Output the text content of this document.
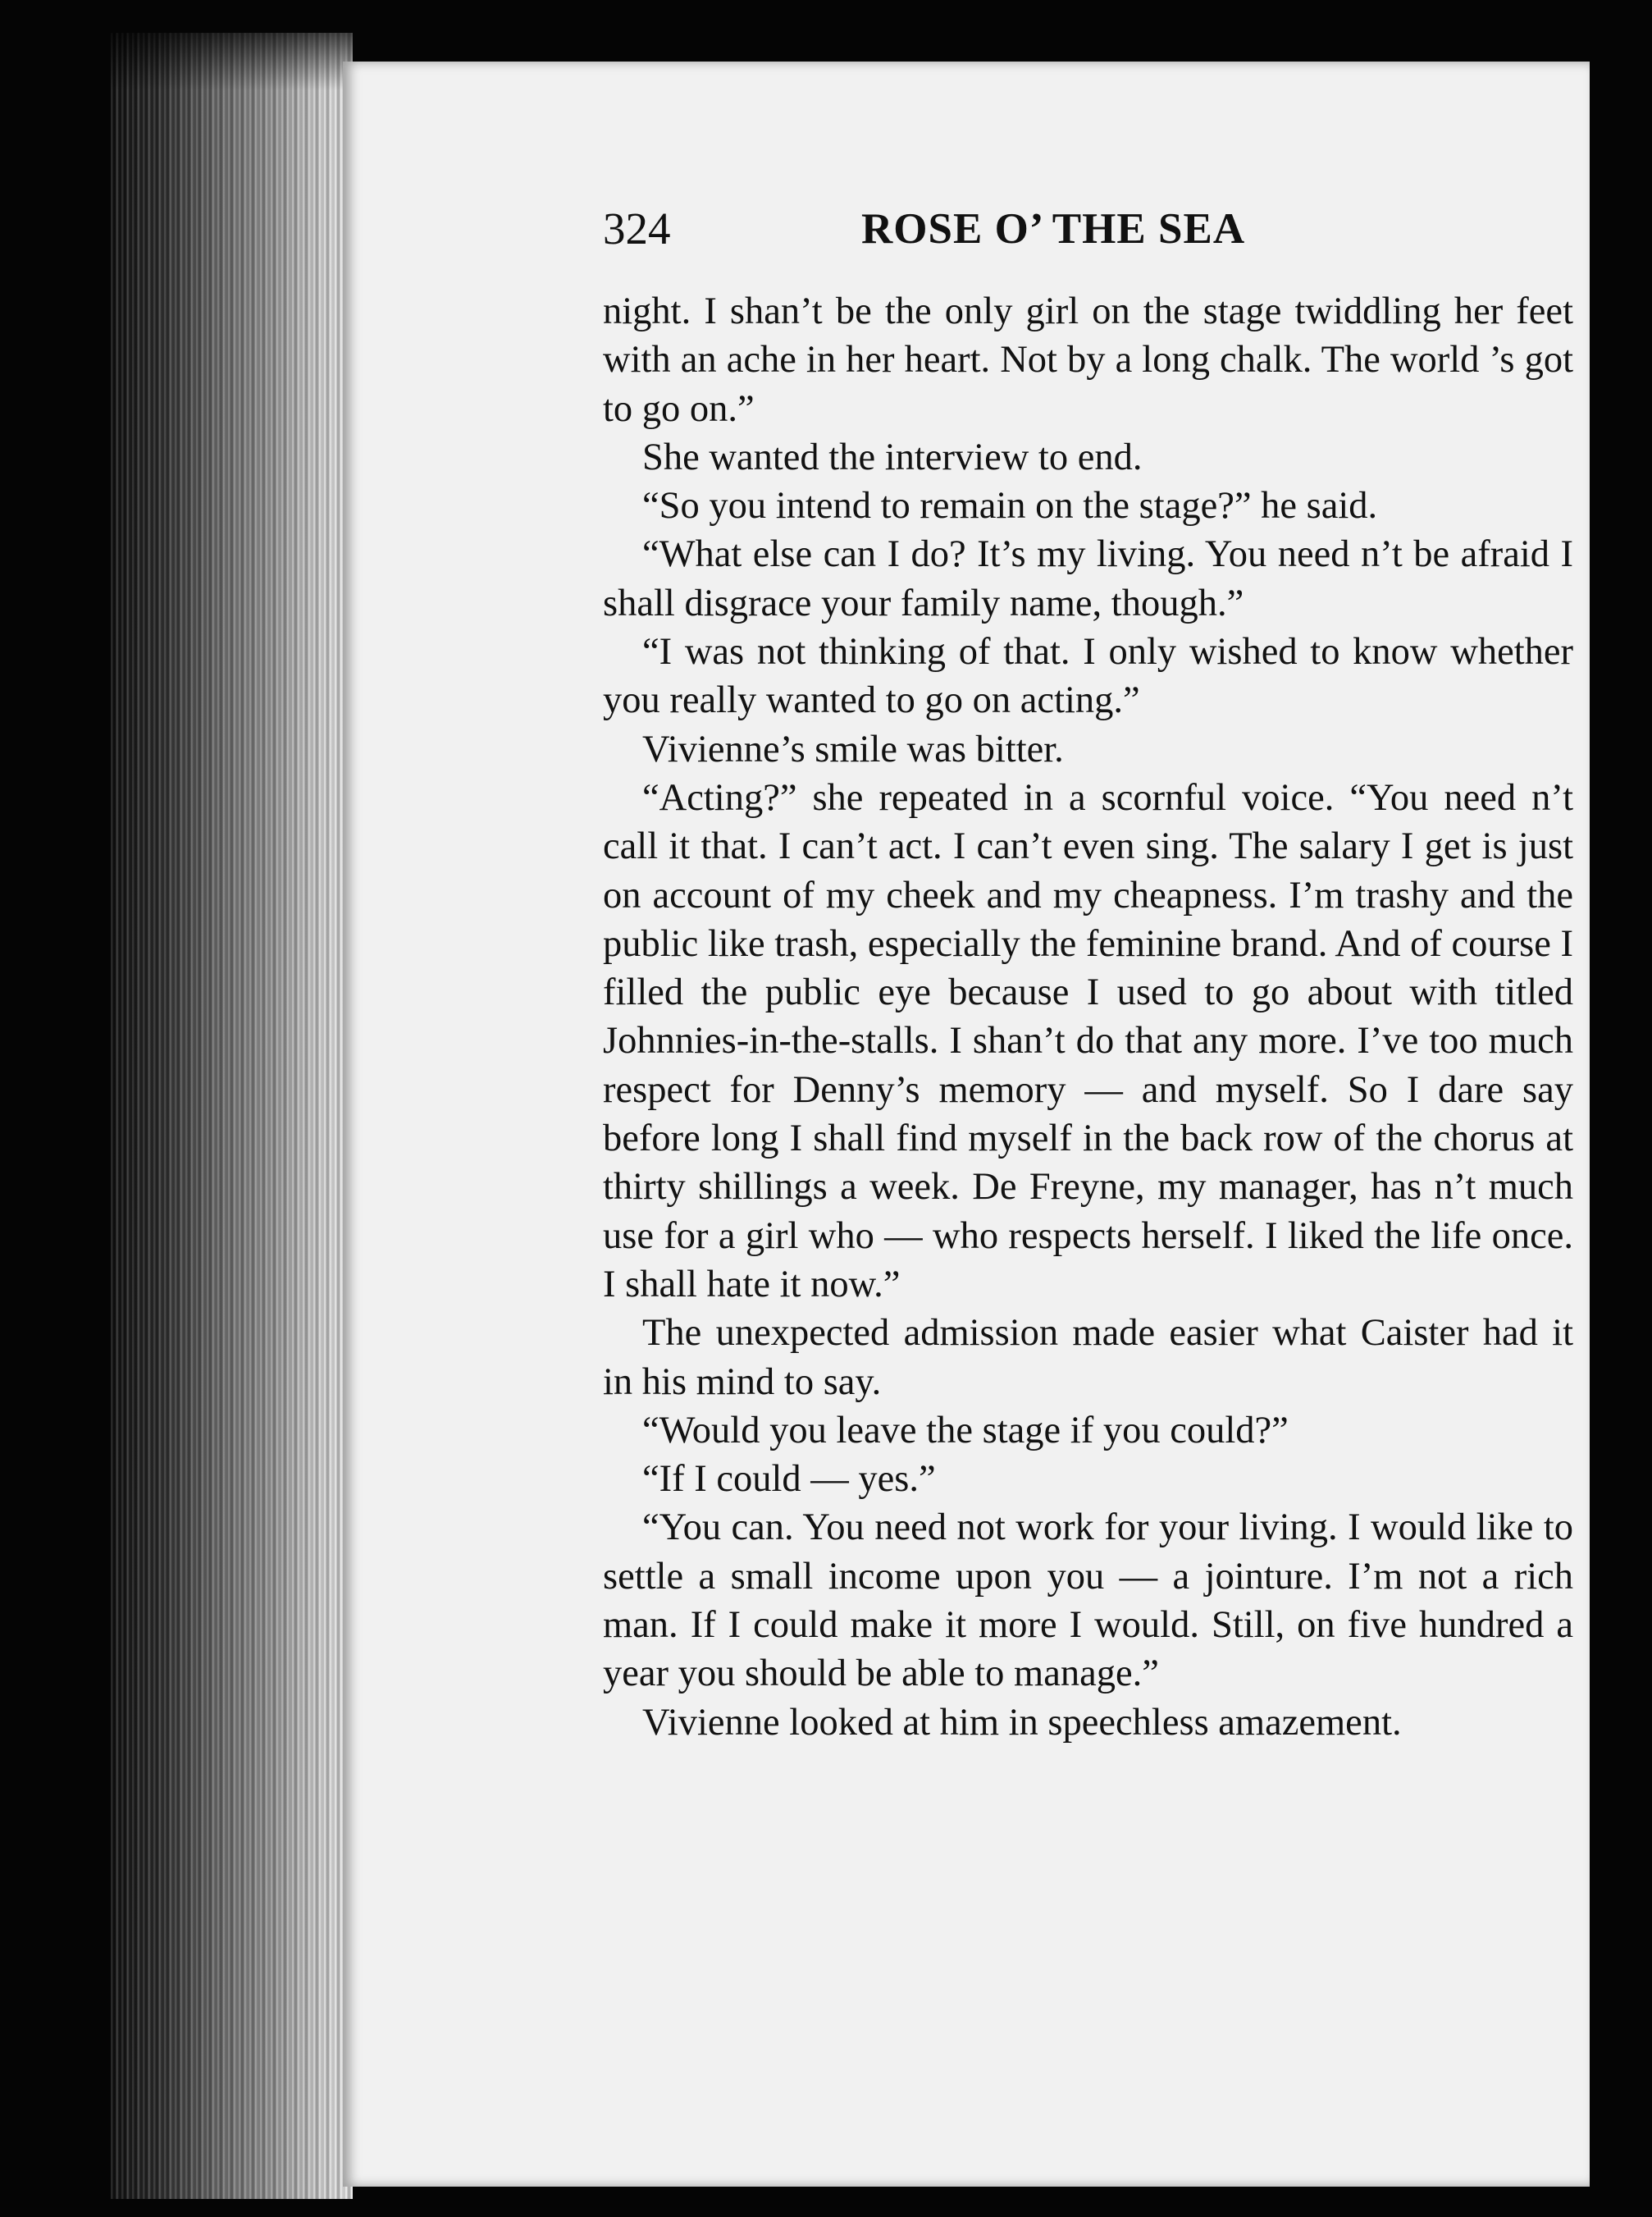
324	ROSE O’ THE SEA

night. I shan’t be the only girl on the stage twiddling her feet with an ache in her heart. Not by a long chalk. The world ’s got to go on.”

She wanted the interview to end.

“So you intend to remain on the stage?” he said.

“What else can I do? It’s my living. You need n’t be afraid I shall disgrace your family name, though.”

“I was not thinking of that. I only wished to know whether you really wanted to go on acting.”

Vivienne’s smile was bitter.

“Acting?” she repeated in a scornful voice. “You need n’t call it that. I can’t act. I can’t even sing. The salary I get is just on account of my cheek and my cheapness. I’m trashy and the public like trash, especially the feminine brand. And of course I filled the public eye because I used to go about with titled Johnnies-in-the-stalls. I shan’t do that any more. I’ve too much respect for Denny’s memory — and myself. So I dare say before long I shall find myself in the back row of the chorus at thirty shillings a week. De Freyne, my manager, has n’t much use for a girl who — who respects herself. I liked the life once. I shall hate it now.”

The unexpected admission made easier what Caister had it in his mind to say.

“Would you leave the stage if you could?”

“If I could — yes.”

“You can. You need not work for your living. I would like to settle a small income upon you — a jointure. I’m not a rich man. If I could make it more I would. Still, on five hundred a year you should be able to manage.”

Vivienne looked at him in speechless amazement.
